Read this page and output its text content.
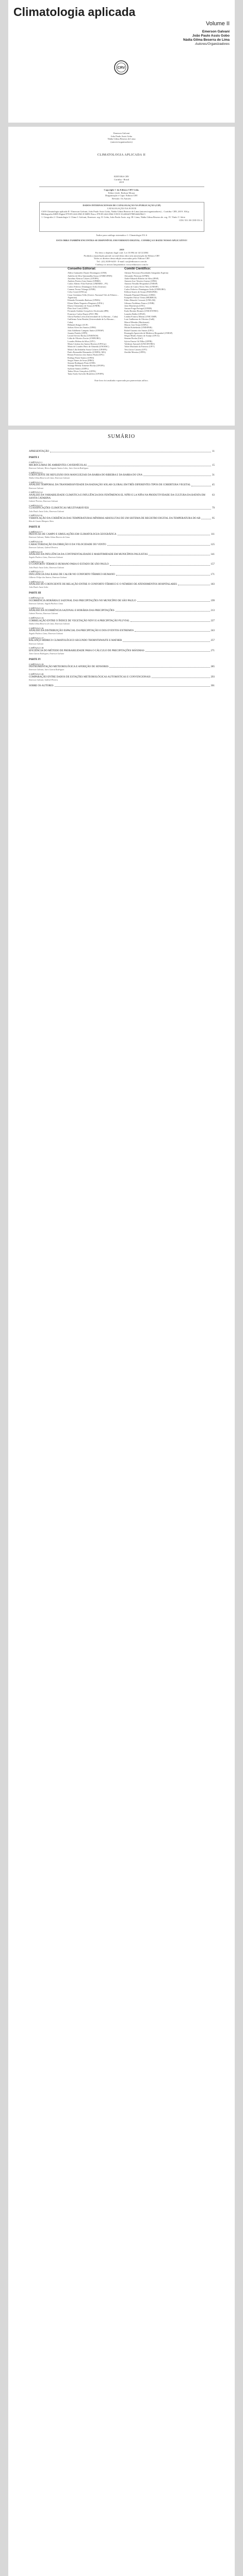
Climatologia aplicada
Volume II
Emerson Galvani
João Paulo Assis Gobo
Nádia Gilma Beserra de Lima
Autores/Organizadores
CRV
Emerson Galvani
João Paulo Assis Gobo
Nádia Gilma Beserra de Lima
(autores/organizadores)
CLIMATOLOGIA APLICADA II
EDITORA CRV
Curitiba - Brasil
2019
Copyright © da Editora CRV Ltda.
Editor-chefe: Railson Moura
Diagramação e Capa: Editora CRV
Revisão: Os Autores
DADOS INTERNACIONAIS DE CATALOGAÇÃO NA PUBLICAÇÃO (CIP)
CATALOGAÇÃO NA FONTE
C639 Climatologia aplicada II / Emerson Galvani, João Paulo Assis Gobo, Nádia Gilma Beserra de Lima (autores/organizadores) – Curitiba: CRV, 2019. 304 p.
Bibliografia ISBN Digital 978-85-444-2963-8 ISBN Físico 978-85-444-2964-5 DOI 10.24824/978854442964.5
1. Geografia 2. Climatologia 3. Clima I. Galvani, Emerson. org. II. Gobo, João Paulo Assis. org. III. Lima, Nádia Gilma Beserra de. org. IV. Título V. Série
CDU 551.58 CDD 551.6
Índice para catálogo sistemático 1. Climatologia 551.6
ESTA OBRA TAMBÉM ENCONTRA-SE DISPONÍVEL EM FORMATO DIGITAL. CONHEÇA E BAIXE NOSSO APLICATIVO!
2019
Foi feito o depósito legal conf. Lei 10.994 de 14/12/2004
Proibida a reprodução parcial ou total desta obra sem autorização da Editora CRV
Todos os direitos desta edição reservados pela: Editora CRV
Tel.: (41) 3039-6418 - E-mail: sac@editoracrv.com.br
Conheça os nossos lançamentos: www.editoracrv.com.br
Conselho Editorial:
Aldira Guimarães Duarte Domínguez (UNB)
Andréia da Silva Quintanilha Sousa (UNIR/UFRN)
Anselmo Alencar Colares (UFOPA)
Antônio Pereira Gaio Júnior (UFRRJ)
Carlos Alberto Vilar Estêvão (UMINHO – PT)
Carlos Federico Dominguez Avila (Unieuro)
Carmen Tereza Velanga (UNIR)
Celso Conti (UFSCar)
Cesar Gerónimo Tello (Univer .Nacional Três de Febrero – Argentina)
Eduardo Fernandes Barbosa (UFMG)
Elione Maria Nogueira Diogenes (UFAL)
Elizeu Clementino de Souza (UNEB)
Élsio José Corá (UFFS)
Fernando Antônio Gonçalves Alcoforado (IPB)
Francisco Carlos Duarte (PUC-PR)
Gloria Fariñas León (Universidade de La Havana – Cuba)
Guillermo Arias Beatón (Universidade de La Havana – Cuba)
Helmuth Krüger (UCP)
Jailson Alves dos Santos (UFRJ)
João Adalberto Campato Junior (UNESP)
Josania Portela (UFPI)
Leonel Severo Rocha (UNISINOS)
Lídia de Oliveira Xavier (UNIEURO)
Lourdes Helena da Silva (UFV)
Maria Cristina dos Santos Bezerra (UFSCar)
Maria de Lourdes Pinto de Almeida (UNOESC)
Maria Lília Imbiriba Sousa Colares (UFOPA)
Paulo Romualdo Hernandes (UNIFAL-MG)
Renato Francisco dos Santos Paula (UFG)
Rodrigo Pratte-Santos (UFES)
Sergio Nunes de Jesus (IFRO)
Simone Rodrigues Pinto (UNB)
Solange Helena Ximenes-Rocha (UFOPA)
Sydione Santos (UEPG)
Tadeu Oliver Gonçalves (UFPA)
Tania Suely Azevedo Brasileiro (UFOPA)
Comitê Científico:
Adriane Piovezan (Faculdades Integradas Espírita)
Alexandre Pierezan (UFMS)
André Eduardo Ribeiro da Silva (IFSP)
Antonio Jose Teixeira Guerra (UFRJ)
Antonio Nivaldo Hespanhol (UNESP)
Carlos de Castro Neves Neto (UNESP)
Carlos Federico Dominguez Avila (UNIEURO)
Edilson Soares de Souza (FABAPAR)
Eduardo Pimentel Menezes (UERJ)
Euripedes Falcao Vieira (IHGRRGS)
Fabio Eduardo Cressoni (UNILAB)
Gilmara Yoshihara Franco (UNIR)
Jairo Marchesan (UNC)
Jussara Fraga Portugal (UNEB)
Karla Rosário Brumes (UNICENTRO)
Leandro Baller (UFGD)
Lindon Fonseca Matias (UNICAMP)
Luiz Guilherme de Oliveira (UnB)
Marcel Mendes (Mackenzie)
Marcio Jose Ornat (UEPG)
Michel Kobelinski (UNESPAR)
Rafael Guarato dos Santos (UFG)
Rosangela Aparecida de Medeiros Hespanhol (UNESP)
Sérgio Murilo Santos de Araújo (UFCG)
Simone Rocha (UnC)
Sylvio Fausto Gil Filho (UFPR)
Valdemir Antoneli (UNICENTRO)
Valter Machado da Fonseca (UFV)
Vera Lúcia Caixeta (UFT)
Zenilde Moreira (UFPA)
Este livro foi avaliado e aprovado por pareceristas ad hoc.
SUMÁRIO
APRESENTAÇÃO	11
PARTE I
CAPÍTULO 1
MICROCLIMAS DE AMBIENTES CAVERNÍCOLAS	15
Emerson Galvani; Heros Augusto Santos Lobo; Jairo Garcia Rodrigues
CAPÍTULO 2
COEFICIENTE DE REFLEXÃO DOS MANGUEZAIS DA BARRA DO RIBEIRA E DA BARRA DO UNA	31
Nádia Gilma Beserra de Lima; Emerson Galvani
CAPÍTULO 3
ANÁLISE TEMPORAL DA TRANSMISSIVIDADE DA RADIAÇÃO SOLAR GLOBAL EM TRÊS DIFERENTES TIPOS DE COBERTURA VEGETAL	45
Emerson Galvani
CAPÍTULO 4
ANÁLISE DA VARIABILIDADE CLIMÁTICA E INFLUÊNCIA DOS FENÔMENOS EL NIÑO E LA NIÑA NA PRODUTIVIDADE DA CULTURA DA BATATA EM SANTA CATARINA
63
Gabriel Pereira; Emerson Galvani
CAPÍTULO 5
CLASSIFICAÇÕES CLIMÁTICAS MULTIVARIÁVEIS	79
João Paulo Assis Gobo; Emerson Galvani
CAPÍTULO 6
VERIFICAÇÃO DA COERÊNCIA DAS TEMPERATURAS MÍNIMAS ABSOLUTAS DE UM SISTEMA DE REGISTRO DIGITAL DA TEMPERATURA DO AR	95
Rita de Cassia Marques Alves
PARTE II
CAPÍTULO 7
PRÁTICAS DE CAMPO E SIMULAÇÕES EM CLIMATOLOGIA GEOGRÁFICA	111
Emerson Galvani; Nádia Gilma Beserra de Lima
CAPÍTULO 8
CARACTERIZAÇÃO DA DIREÇÃO E DA VELOCIDADE DO VENTO	125
Emerson Galvani; Gabriel Pereira
CAPÍTULO 9
ANÁLISE DA INFLUÊNCIA DA CONTINENTALIDADE E MARITIMIDADE EM MUNICÍPIOS PAULISTAS	141
Angela Pacheco Lima; Emerson Galvani
CAPÍTULO 10
O CONFORTO TÉRMICO HUMANO PARA O ESTADO DE SÃO PAULO	157
João Paulo Assis Gobo; Emerson Galvani
CAPÍTULO 11
INFLUÊNCIA DAS ILHAS DE CALOR NO CONFORTO TÉRMICO HUMANO	171
Gilberto Felipe dos Santos; Emerson Galvani
CAPÍTULO 12
ANÁLISE DO COEFICIENTE DE RELAÇÃO ENTRE O CONFORTO TÉRMICO E O NÚMERO DE ATENDIMENTOS HOSPITALARES	183
João Paulo Assis Gobo
PARTE III
CAPÍTULO 13
OCORRÊNCIA HORÁRIA E SAZONAL DAS PRECIPITAÇÕES NO MUNICÍPIO DE SÃO PAULO	199
Emerson Galvani; Angela Pacheco Lima
CAPÍTULO 14
ANÁLISE DA OCORRÊNCIA SAZONAL E HORÁRIA DAS PRECIPITAÇÕES	213
Gabriel Pereira; Emerson Galvani
CAPÍTULO 15
CORRELAÇÃO ENTRE O ÍNDICE DE VEGETAÇÃO NDVI E A PRECIPITAÇÃO PLUVIAL	227
Nádia Gilma Beserra de Lima; Emerson Galvani
CAPÍTULO 16
ANÁLISE DA DISTRIBUIÇÃO ESPACIAL DA PRECIPITAÇÃO E DOS EVENTOS EXTREMOS	243
Angela Pacheco Lima; Emerson Galvani
CAPÍTULO 17
BALANÇO HÍDRICO CLIMATOLÓGICO SEGUNDO THORNTHWAITE E MATHER	257
Emerson Galvani
CAPÍTULO 18
EFICIÊNCIA DO MÉTODO DE PROBABILIDADE PARA O CÁLCULO DE PRECIPITAÇÕES MÁXIMAS	271
Jairo Garcia Rodrigues; Emerson Galvani
PARTE IV
CAPÍTULO 19
INSTRUMENTAÇÃO METEOROLÓGICA E AFERIÇÃO DE SENSORES	285
Emerson Galvani; Jairo Garcia Rodrigues
CAPÍTULO 20
COMPARAÇÃO ENTRE DADOS DE ESTAÇÕES METEOROLÓGICAS AUTOMÁTICAS E CONVENCIONAIS	293
Emerson Galvani; Gabriel Pereira
SOBRE OS AUTORES	301
